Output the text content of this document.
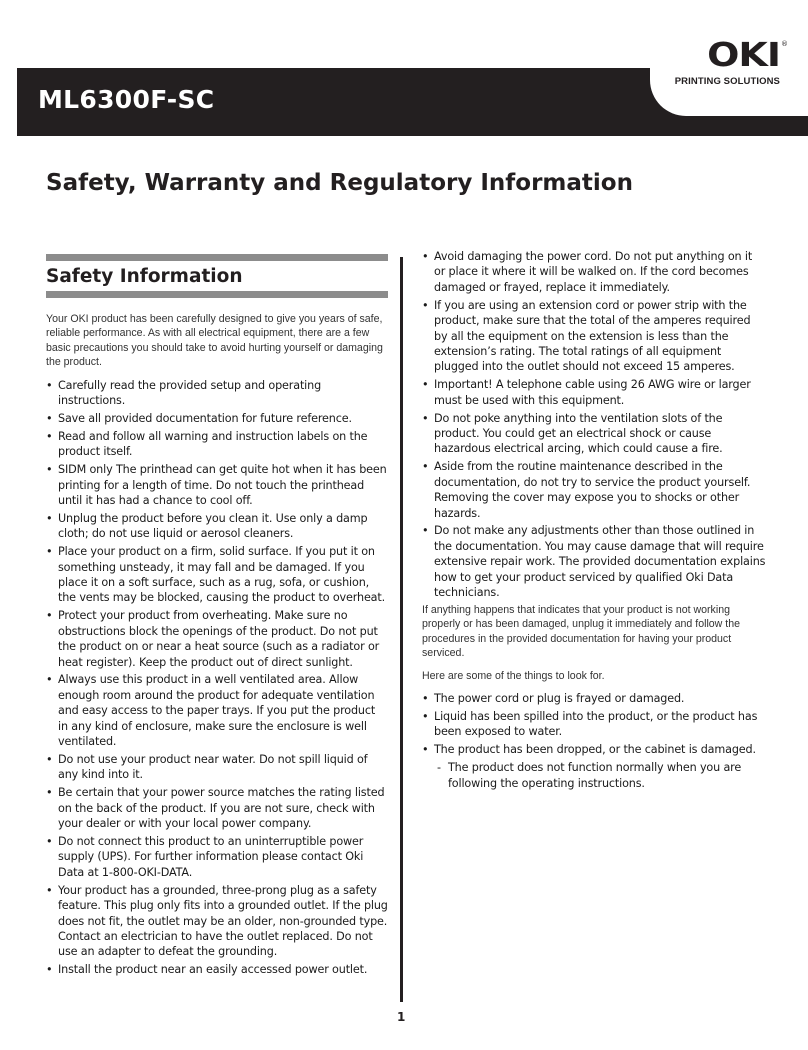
ML6300F-SC
OKI ®
PRINTING SOLUTIONS
Safety, Warranty and Regulatory Information
Safety Information

Your OKI product has been carefully designed to give you years of safe, reliable performance. As with all electrical equipment, there are a few basic precautions you should take to avoid hurting yourself or damaging the product.

• Carefully read the provided setup and operating instructions.
• Save all provided documentation for future reference.
• Read and follow all warning and instruction labels on the product itself.
• SIDM only The printhead can get quite hot when it has been printing for a length of time. Do not touch the printhead until it has had a chance to cool off.
• Unplug the product before you clean it. Use only a damp cloth; do not use liquid or aerosol cleaners.
• Place your product on a firm, solid surface. If you put it on something unsteady, it may fall and be damaged. If you place it on a soft surface, such as a rug, sofa, or cushion, the vents may be blocked, causing the product to overheat.
• Protect your product from overheating. Make sure no obstructions block the openings of the product. Do not put the product on or near a heat source (such as a radiator or heat register). Keep the product out of direct sunlight.
• Always use this product in a well ventilated area. Allow enough room around the product for adequate ventilation and easy access to the paper trays. If you put the product in any kind of enclosure, make sure the enclosure is well ventilated.
• Do not use your product near water. Do not spill liquid of any kind into it.
• Be certain that your power source matches the rating listed on the back of the product. If you are not sure, check with your dealer or with your local power company.
• Do not connect this product to an uninterruptible power supply (UPS). For further information please contact Oki Data at 1-800-OKI-DATA.
• Your product has a grounded, three-prong plug as a safety feature. This plug only fits into a grounded outlet. If the plug does not fit, the outlet may be an older, non-grounded type. Contact an electrician to have the outlet replaced. Do not use an adapter to defeat the grounding.
• Install the product near an easily accessed power outlet.
• Avoid damaging the power cord. Do not put anything on it or place it where it will be walked on. If the cord becomes damaged or frayed, replace it immediately.
• If you are using an extension cord or power strip with the product, make sure that the total of the amperes required by all the equipment on the extension is less than the extension’s rating. The total ratings of all equipment plugged into the outlet should not exceed 15 amperes.
• Important! A telephone cable using 26 AWG wire or larger must be used with this equipment.
• Do not poke anything into the ventilation slots of the product. You could get an electrical shock or cause hazardous electrical arcing, which could cause a fire.
• Aside from the routine maintenance described in the documentation, do not try to service the product yourself. Removing the cover may expose you to shocks or other hazards.
• Do not make any adjustments other than those outlined in the documentation. You may cause damage that will require extensive repair work. The provided documentation explains how to get your product serviced by qualified Oki Data technicians.

If anything happens that indicates that your product is not working properly or has been damaged, unplug it immediately and follow the procedures in the provided documentation for having your product serviced.

Here are some of the things to look for.

• The power cord or plug is frayed or damaged.
• Liquid has been spilled into the product, or the product has been exposed to water.
• The product has been dropped, or the cabinet is damaged.
- The product does not function normally when you are following the operating instructions.
1
